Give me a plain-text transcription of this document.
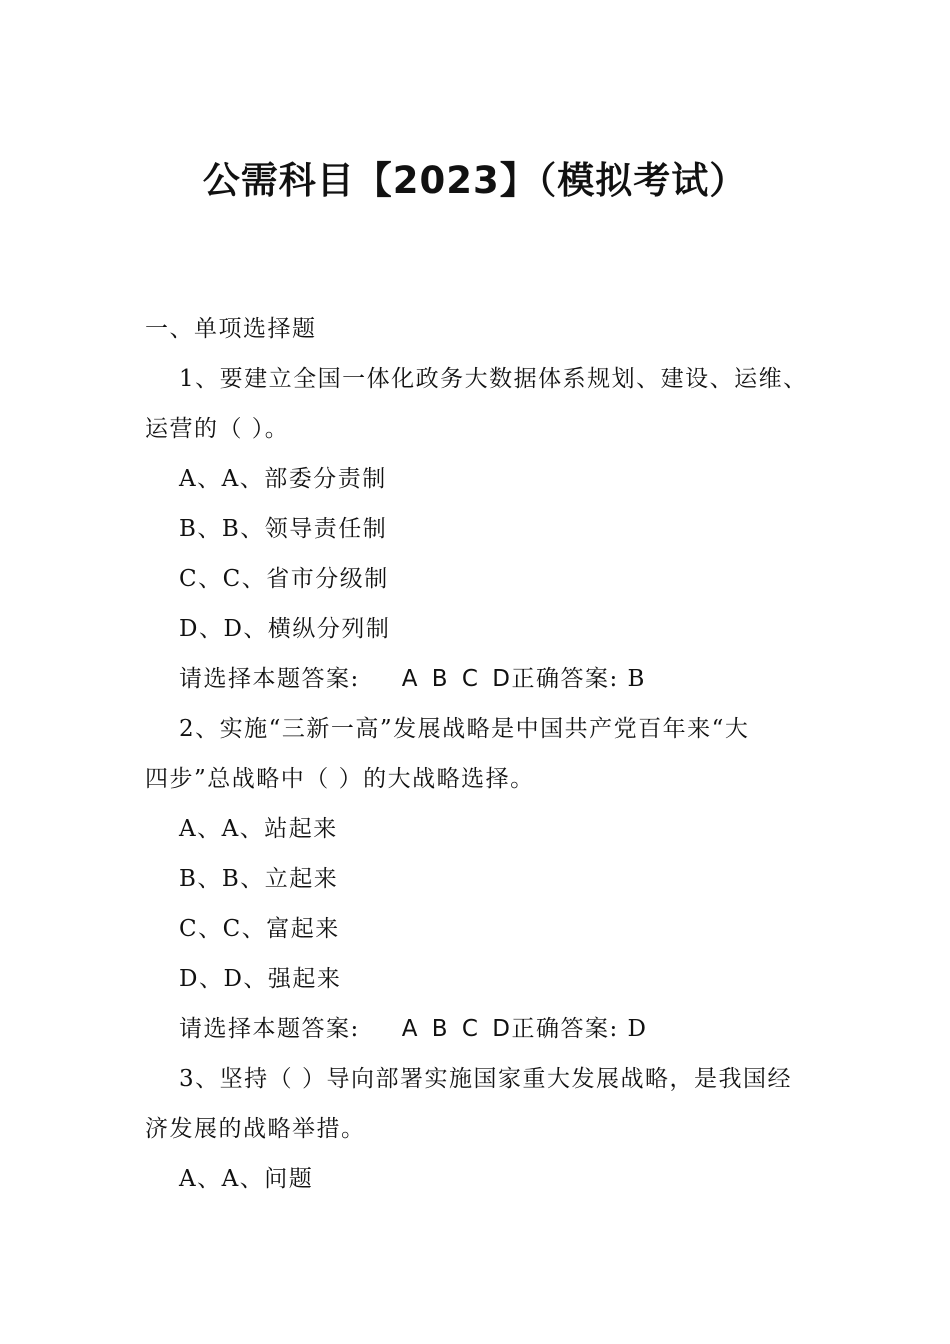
公需科目【2023】（模拟考试）
一、单项选择题
1、要建立全国一体化政务大数据体系规划、建设、运维、
运营的（ ）。
A、A、部委分责制
B、B、领导责任制
C、C、省市分级制
D、D、横纵分列制
请选择本题答案: A B C D正确答案: B
2、实施“三新一高”发展战略是中国共产党百年来“大
四步”总战略中（ ）的大战略选择。
A、A、站起来
B、B、立起来
C、C、富起来
D、D、强起来
请选择本题答案: A B C D正确答案: D
3、坚持（ ）导向部署实施国家重大发展战略，是我国经
济发展的战略举措。
A、A、问题
